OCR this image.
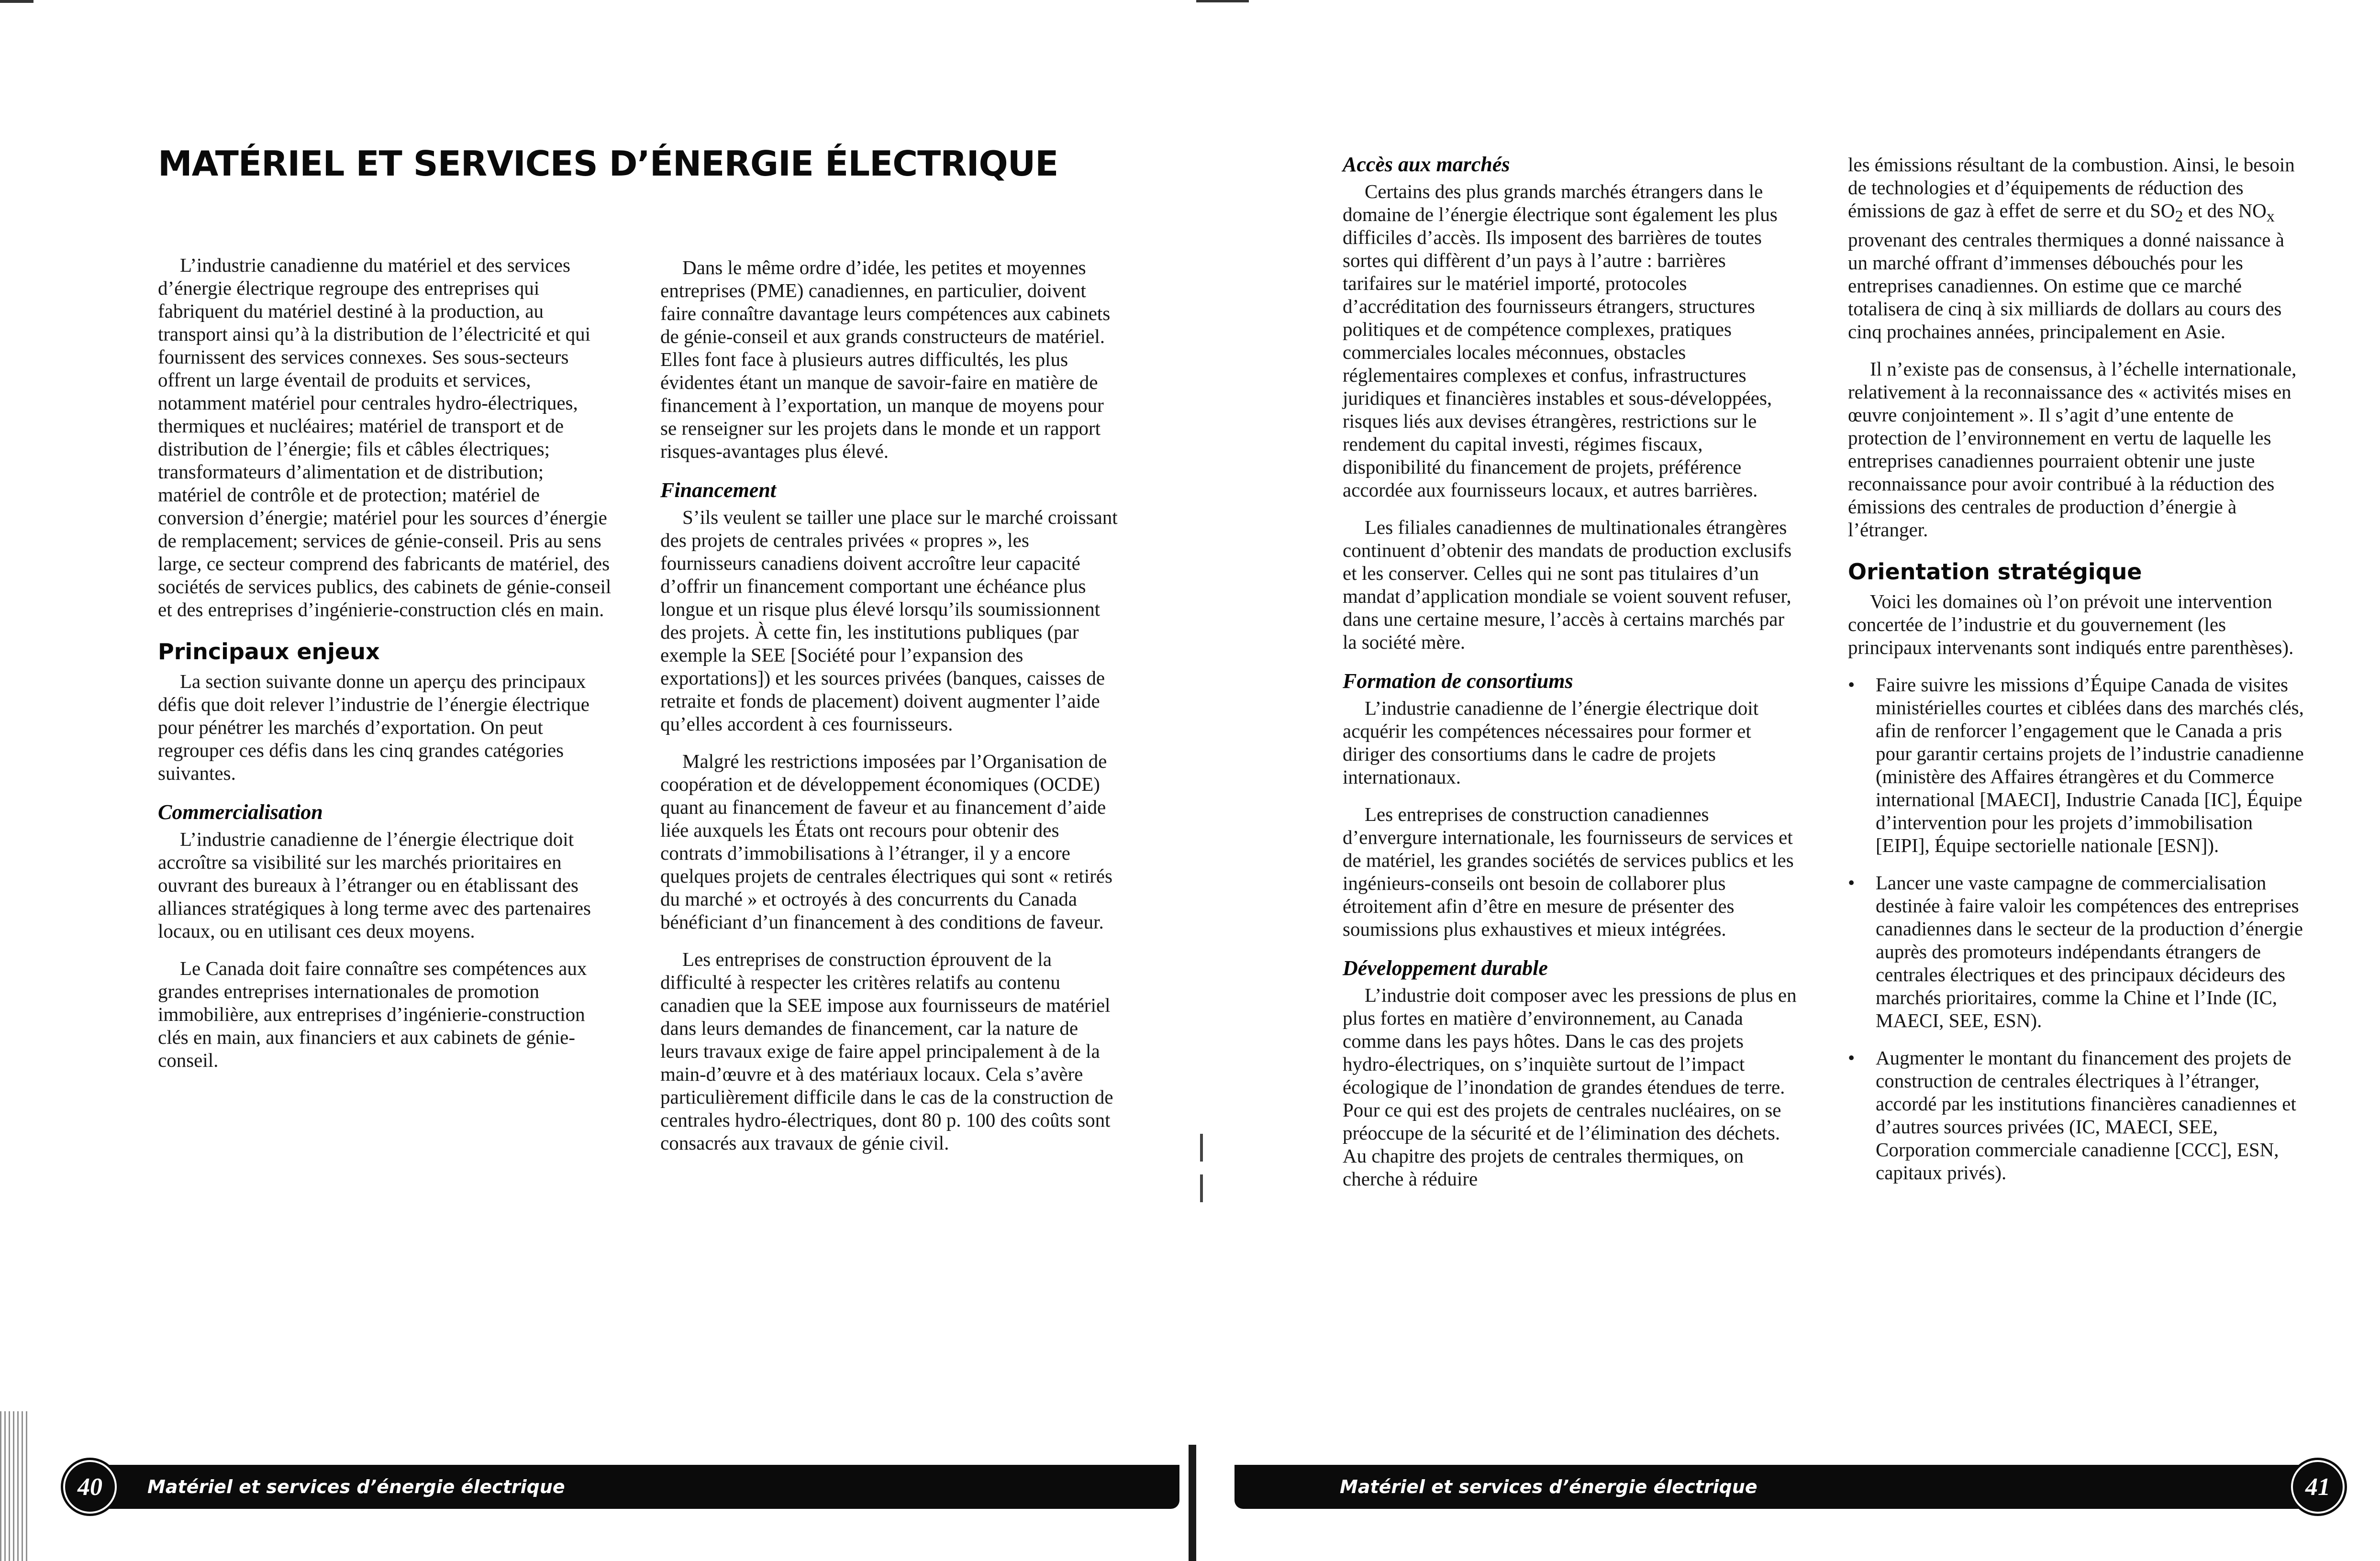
MATÉRIEL ET SERVICES D’ÉNERGIE ÉLECTRIQUE

L’industrie canadienne du matériel et des services d’énergie électrique regroupe des entreprises qui fabriquent du matériel destiné à la production, au transport ainsi qu’à la distribution de l’électricité et qui fournissent des services connexes. Ses sous-secteurs offrent un large éventail de produits et services, notamment matériel pour centrales hydro-électriques, thermiques et nucléaires; matériel de transport et de distribution de l’énergie; fils et câbles électriques; transformateurs d’alimentation et de distribution; matériel de contrôle et de protection; matériel de conversion d’énergie; matériel pour les sources d’énergie de remplacement; services de génie-conseil. Pris au sens large, ce secteur comprend des fabricants de matériel, des sociétés de services publics, des cabinets de génie-conseil et des entreprises d’ingénierie-construction clés en main.

Principaux enjeux

La section suivante donne un aperçu des principaux défis que doit relever l’industrie de l’énergie électrique pour pénétrer les marchés d’exportation. On peut regrouper ces défis dans les cinq grandes catégories suivantes.

Commercialisation

L’industrie canadienne de l’énergie électrique doit accroître sa visibilité sur les marchés prioritaires en ouvrant des bureaux à l’étranger ou en établissant des alliances stratégiques à long terme avec des partenaires locaux, ou en utilisant ces deux moyens.

Le Canada doit faire connaître ses compétences aux grandes entreprises internationales de promotion immobilière, aux entreprises d’ingénierie-construction clés en main, aux financiers et aux cabinets de génie-conseil.

Dans le même ordre d’idée, les petites et moyennes entreprises (PME) canadiennes, en particulier, doivent faire connaître davantage leurs compétences aux cabinets de génie-conseil et aux grands constructeurs de matériel. Elles font face à plusieurs autres difficultés, les plus évidentes étant un manque de savoir-faire en matière de financement à l’exportation, un manque de moyens pour se renseigner sur les projets dans le monde et un rapport risques-avantages plus élevé.

Financement

S’ils veulent se tailler une place sur le marché croissant des projets de centrales privées « propres », les fournisseurs canadiens doivent accroître leur capacité d’offrir un financement comportant une échéance plus longue et un risque plus élevé lorsqu’ils soumissionnent des projets. À cette fin, les institutions publiques (par exemple la SEE [Société pour l’expansion des exportations]) et les sources privées (banques, caisses de retraite et fonds de placement) doivent augmenter l’aide qu’elles accordent à ces fournisseurs.

Malgré les restrictions imposées par l’Organisation de coopération et de développement économiques (OCDE) quant au financement de faveur et au financement d’aide liée auxquels les États ont recours pour obtenir des contrats d’immobilisations à l’étranger, il y a encore quelques projets de centrales électriques qui sont « retirés du marché » et octroyés à des concurrents du Canada bénéficiant d’un financement à des conditions de faveur.

Les entreprises de construction éprouvent de la difficulté à respecter les critères relatifs au contenu canadien que la SEE impose aux fournisseurs de matériel dans leurs demandes de financement, car la nature de leurs travaux exige de faire appel principalement à de la main-d’œuvre et à des matériaux locaux. Cela s’avère particulièrement difficile dans le cas de la construction de centrales hydro-électriques, dont 80 p. 100 des coûts sont consacrés aux travaux de génie civil.

Accès aux marchés

Certains des plus grands marchés étrangers dans le domaine de l’énergie électrique sont également les plus difficiles d’accès. Ils imposent des barrières de toutes sortes qui diffèrent d’un pays à l’autre : barrières tarifaires sur le matériel importé, protocoles d’accréditation des fournisseurs étrangers, structures politiques et de compétence complexes, pratiques commerciales locales méconnues, obstacles réglementaires complexes et confus, infrastructures juridiques et financières instables et sous-développées, risques liés aux devises étrangères, restrictions sur le rendement du capital investi, régimes fiscaux, disponibilité du financement de projets, préférence accordée aux fournisseurs locaux, et autres barrières.

Les filiales canadiennes de multinationales étrangères continuent d’obtenir des mandats de production exclusifs et les conserver. Celles qui ne sont pas titulaires d’un mandat d’application mondiale se voient souvent refuser, dans une certaine mesure, l’accès à certains marchés par la société mère.

Formation de consortiums

L’industrie canadienne de l’énergie électrique doit acquérir les compétences nécessaires pour former et diriger des consortiums dans le cadre de projets internationaux.

Les entreprises de construction canadiennes d’envergure internationale, les fournisseurs de services et de matériel, les grandes sociétés de services publics et les ingénieurs-conseils ont besoin de collaborer plus étroitement afin d’être en mesure de présenter des soumissions plus exhaustives et mieux intégrées.

Développement durable

L’industrie doit composer avec les pressions de plus en plus fortes en matière d’environnement, au Canada comme dans les pays hôtes. Dans le cas des projets hydro-électriques, on s’inquiète surtout de l’impact écologique de l’inondation de grandes étendues de terre. Pour ce qui est des projets de centrales nucléaires, on se préoccupe de la sécurité et de l’élimination des déchets. Au chapitre des projets de centrales thermiques, on cherche à réduire

les émissions résultant de la combustion. Ainsi, le besoin de technologies et d’équipements de réduction des émissions de gaz à effet de serre et du $SO_2$ et des $NO_x$ provenant des centrales thermiques a donné naissance à un marché offrant d’immenses débouchés pour les entreprises canadiennes. On estime que ce marché totalisera de cinq à six milliards de dollars au cours des cinq prochaines années, principalement en Asie.

Il n’existe pas de consensus, à l’échelle internationale, relativement à la reconnaissance des « activités mises en œuvre conjointement ». Il s’agit d’une entente de protection de l’environnement en vertu de laquelle les entreprises canadiennes pourraient obtenir une juste reconnaissance pour avoir contribué à la réduction des émissions des centrales de production d’énergie à l’étranger.

Orientation stratégique

Voici les domaines où l’on prévoit une intervention concertée de l’industrie et du gouvernement (les principaux intervenants sont indiqués entre parenthèses).

• Faire suivre les missions d’Équipe Canada de visites ministérielles courtes et ciblées dans des marchés clés, afin de renforcer l’engagement que le Canada a pris pour garantir certains projets de l’industrie canadienne (ministère des Affaires étrangères et du Commerce international [MAECI], Industrie Canada [IC], Équipe d’intervention pour les projets d’immobilisation [EIPI], Équipe sectorielle nationale [ESN]).
• Lancer une vaste campagne de commercialisation destinée à faire valoir les compétences des entreprises canadiennes dans le secteur de la production d’énergie auprès des promoteurs indépendants étrangers de centrales électriques et des principaux décideurs des marchés prioritaires, comme la Chine et l’Inde (IC, MAECI, SEE, ESN).
• Augmenter le montant du financement des projets de construction de centrales électriques à l’étranger, accordé par les institutions financières canadiennes et d’autres sources privées (IC, MAECI, SEE, Corporation commerciale canadienne [CCC], ESN, capitaux privés).
Matériel et services d’énergie électrique
40	Matériel et services d’énergie électrique	41
